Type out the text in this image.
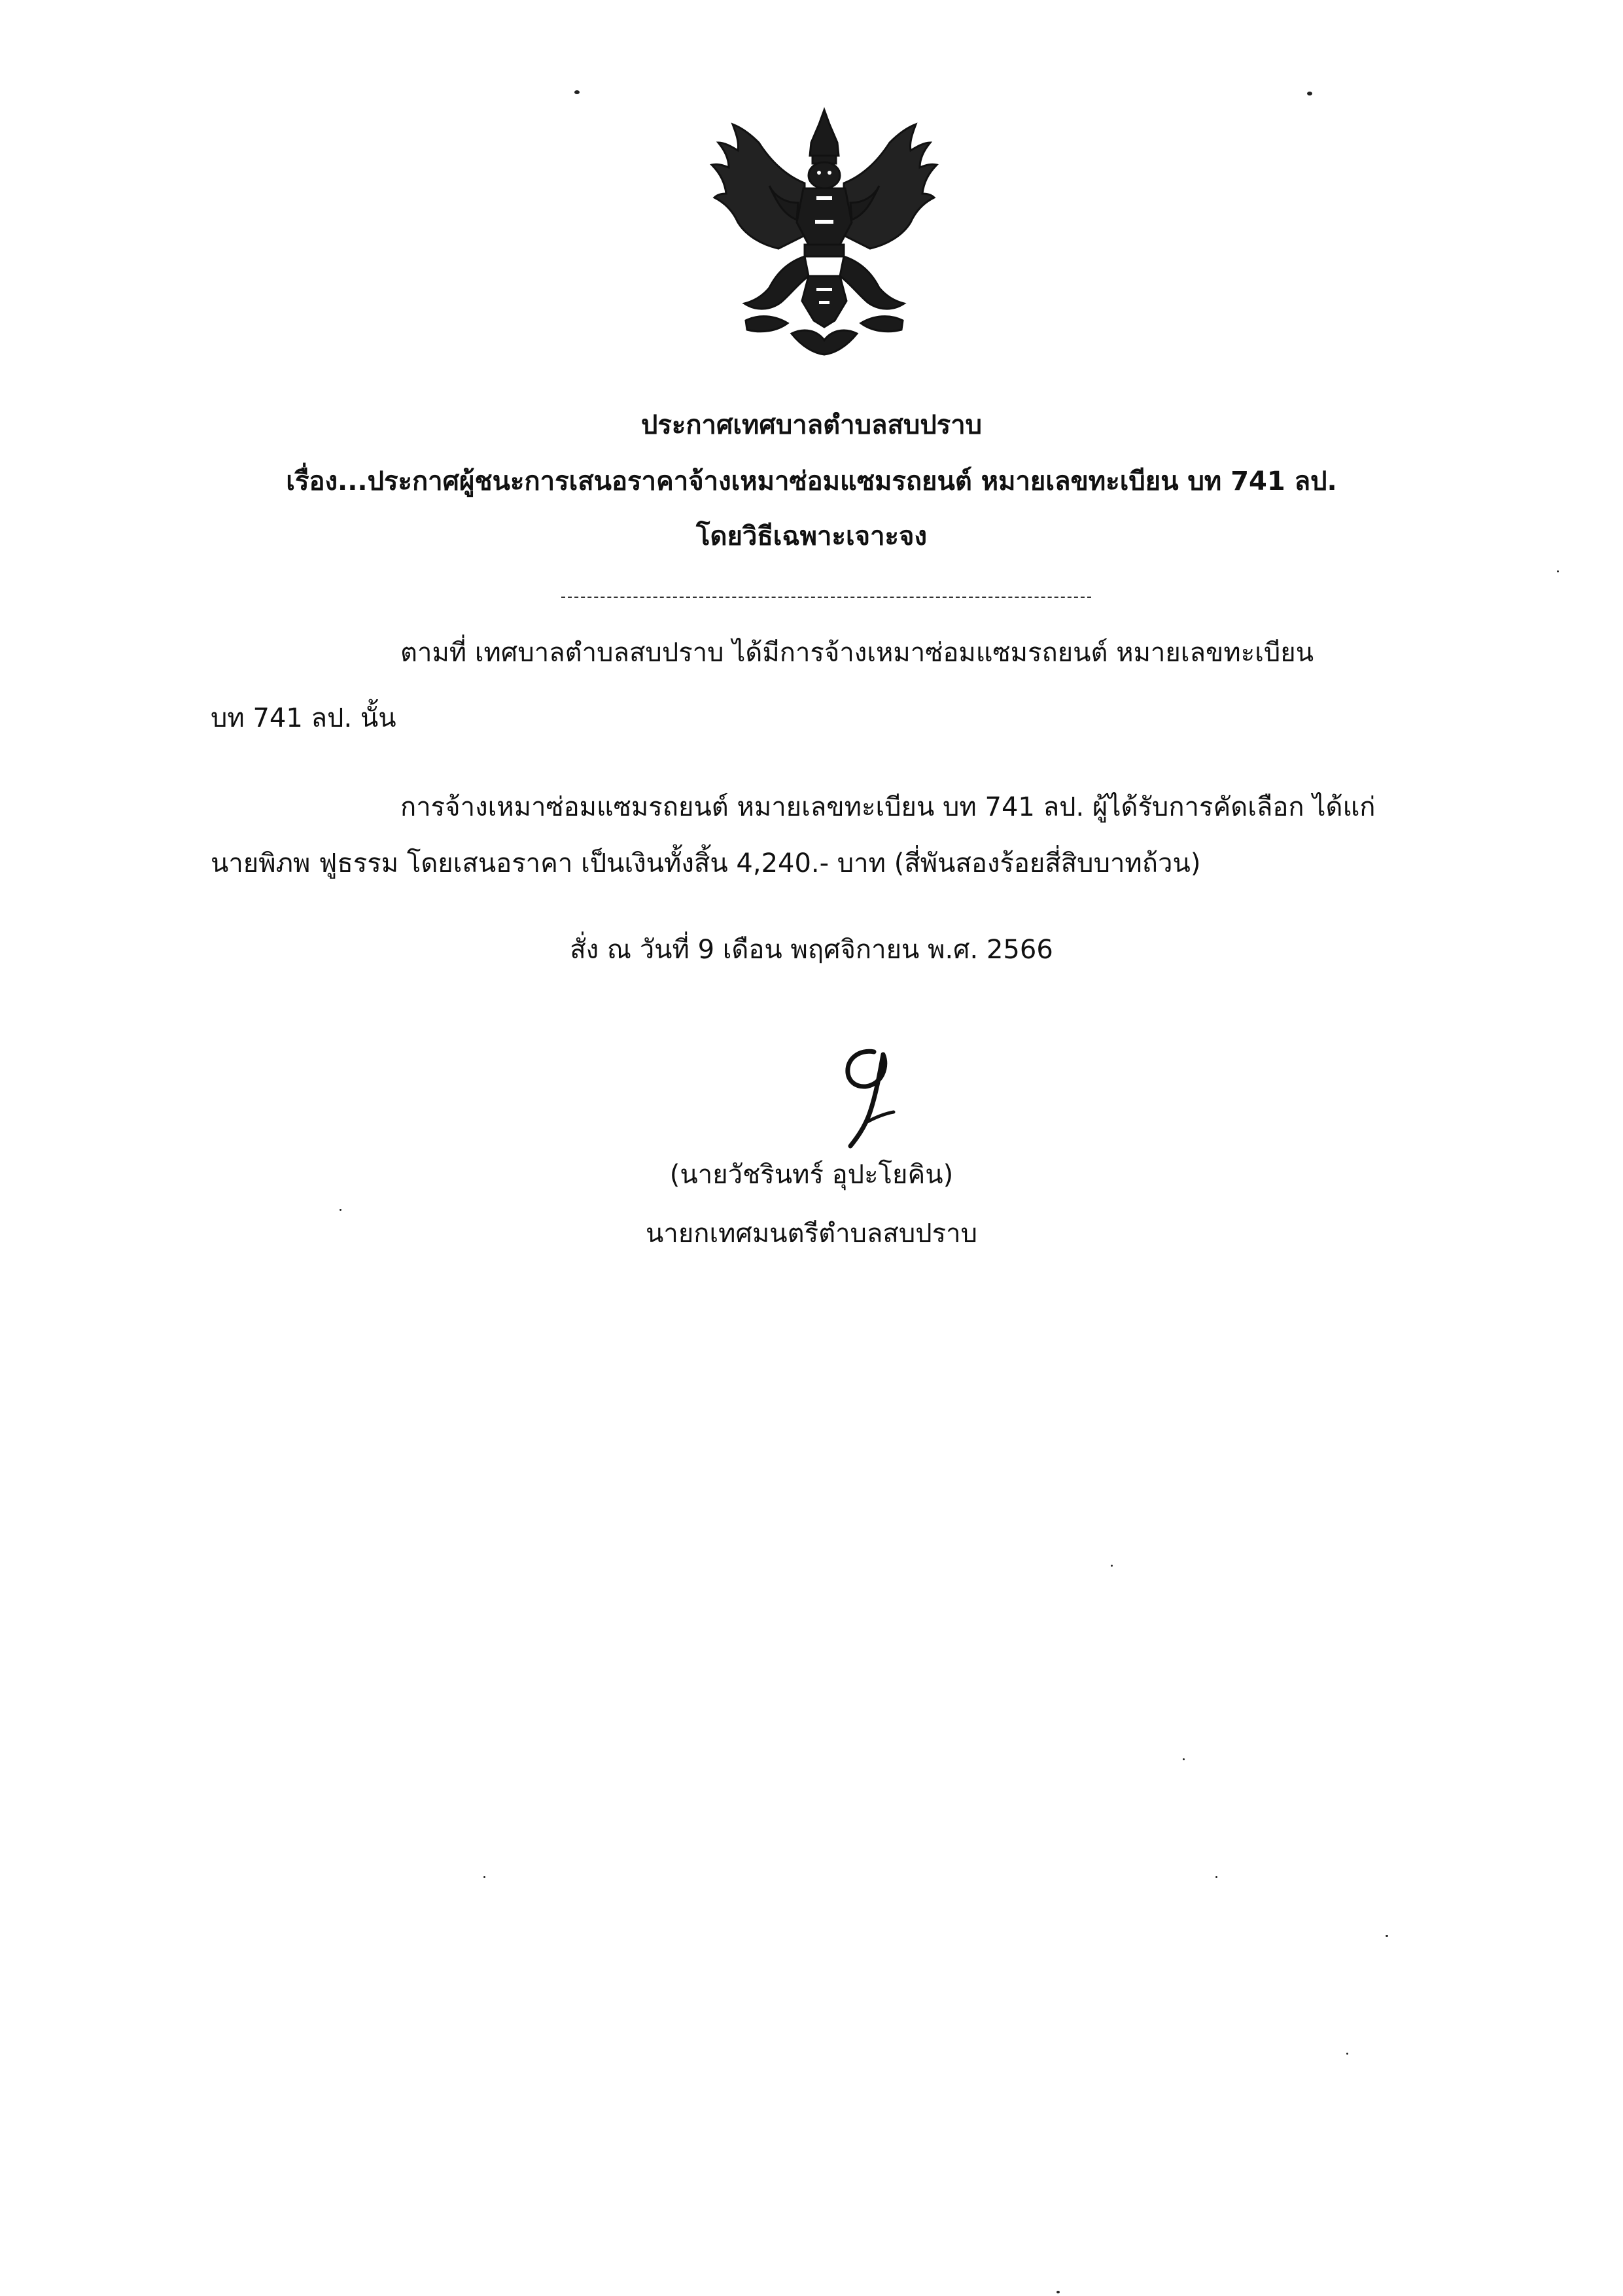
ประกาศเทศบาลตำบลสบปราบ
เรื่อง...ประกาศผู้ชนะการเสนอราคาจ้างเหมาซ่อมแซมรถยนต์ หมายเลขทะเบียน บท 741 ลป.
โดยวิธีเฉพาะเจาะจง
ตามที่ เทศบาลตำบลสบปราบ ได้มีการจ้างเหมาซ่อมแซมรถยนต์ หมายเลขทะเบียน
บท 741 ลป. นั้น
การจ้างเหมาซ่อมแซมรถยนต์ หมายเลขทะเบียน บท 741 ลป. ผู้ได้รับการคัดเลือก ได้แก่
นายพิภพ ฟูธรรม โดยเสนอราคา เป็นเงินทั้งสิ้น 4,240.- บาท (สี่พันสองร้อยสี่สิบบาทถ้วน)
สั่ง ณ วันที่ 9 เดือน พฤศจิกายน พ.ศ. 2566
(นายวัชรินทร์ อุปะโยคิน)
นายกเทศมนตรีตำบลสบปราบ
